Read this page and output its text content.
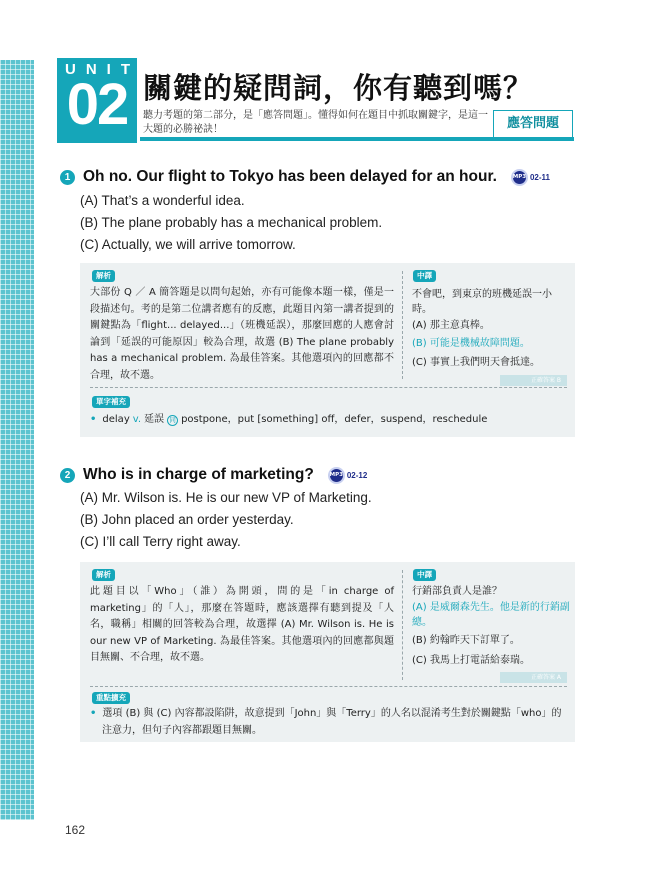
UNIT
02 關鍵的疑問詞，你有聽到嗎？
聽力考題的第二部分，是「應答問題」。懂得如何在題目中抓取關鍵字，是這一大題的必勝祕訣！	應答問題
1 Oh no. Our flight to Tokyo has been delayed for an hour.	MP3 02-11
(A) That’s a wonderful idea.
(B) The plane probably has a mechanical problem.
(C) Actually, we will arrive tomorrow.
解析
大部份 Q ／ A 簡答題是以問句起始，亦有可能像本題一樣，僅是一段描述句。考的是第二位講者應有的反應，此題目內第一講者提到的關鍵點為「flight... delayed...」（班機延誤），那麼回應的人應會討論到「延誤的可能原因」較為合理，故選 (B) The plane probably has a mechanical problem. 為最佳答案。其他選項內的回應都不合理，故不選。
中譯
不會吧，到東京的班機延誤一小時。
(A) 那主意真棒。
(B) 可能是機械故障問題。
(C) 事實上我們明天會抵達。
正確答案 B
單字補充
• delay v. 延誤 同 postpone，put [something] off，defer，suspend，reschedule
2 Who is in charge of marketing?	MP3 02-12
(A) Mr. Wilson is. He is our new VP of Marketing.
(B) John placed an order yesterday.
(C) I’ll call Terry right away.
解析
此題目以「Who」（誰）為開頭，問的是「in charge of marketing」的「人」，那麼在答題時，應該選擇有聽到提及「人名，職稱」相關的回答較為合理，故選擇 (A) Mr. Wilson is. He is our new VP of Marketing. 為最佳答案。其他選項內的回應都與題目無關、不合理，故不選。
中譯
行銷部負責人是誰？
(A) 是威爾森先生。他是新的行銷副總。
(B) 約翰昨天下訂單了。
(C) 我馬上打電話給泰瑞。
正確答案 A
重點擴充
• 選項 (B) 與 (C) 內容都設陷阱，故意提到「John」與「Terry」的人名以混淆考生對於關鍵點「who」的注意力，但句子內容都跟題目無關。
162
